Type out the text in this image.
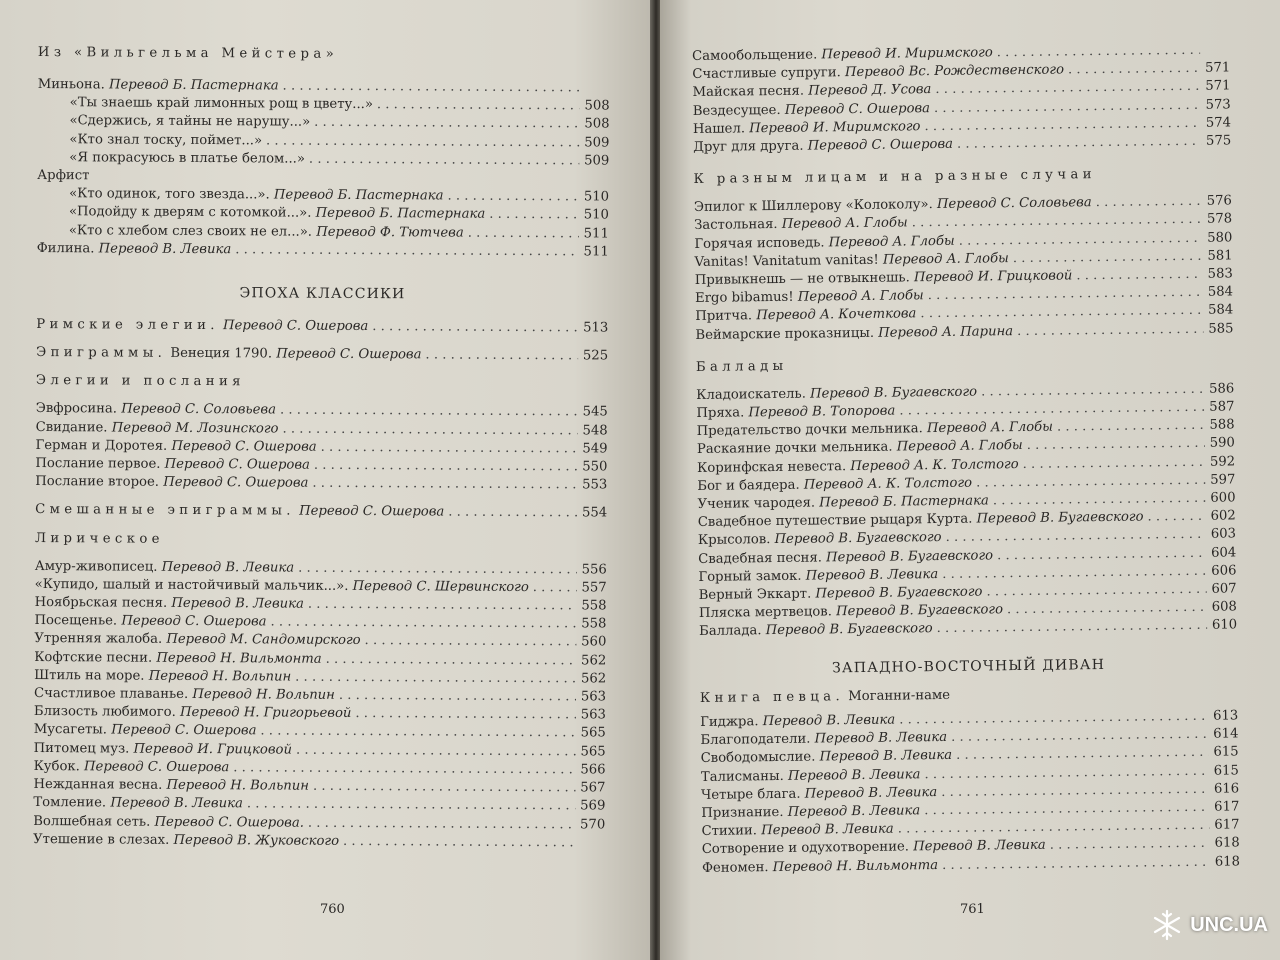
Из «Вильгельма Мейстера»
Миньона. Перевод Б. Пастернака
. . .
«Ты знаешь край лимонных рощ в цвету...» . . .	508
«Сдержись, я тайны не нарушу...» . . .	508
«Кто знал тоску, поймет...» . . .	509
«Я покрасуюсь в платье белом...» . . .	509
Арфист
«Кто одинок, того звезда...». Перевод Б. Пастернака . . .	510
«Подойду к дверям с котомкой...». Перевод Б. Пастернака . . .	510
«Кто с хлебом слез своих не ел...». Перевод Ф. Тютчева . . .	511
Филина. Перевод В. Левика . . .	511
ЭПОХА КЛАССИКИ
Римские элегии. Перевод С. Ошерова . . .	513
Эпиграммы. Венеция 1790. Перевод С. Ошерова . . .	525
Элегии и послания
Эвфросина. Перевод С. Соловьева . . .	545
Свидание. Перевод М. Лозинского . . .	548
Герман и Доротея. Перевод С. Ошерова . . .	549
Послание первое. Перевод С. Ошерова . . .	550
Послание второе. Перевод С. Ошерова . . .	553
Смешанные эпиграммы. Перевод С. Ошерова . . .	554
Лирическое
Амур-живописец. Перевод В. Левика . . .	556
«Купидо, шалый и настойчивый мальчик...». Перевод С. Шервинского . . .	557
Ноябрьская песня. Перевод В. Левика . . .	558
Посещенье. Перевод С. Ошерова . . .	558
Утренняя жалоба. Перевод М. Сандомирского . . .	560
Кофтские песни. Перевод Н. Вильмонта . . .	562
Штиль на море. Перевод Н. Вольпин . . .	562
Счастливое плаванье. Перевод Н. Вольпин . . .	563
Близость любимого. Перевод Н. Григорьевой . . .	563
Мусагеты. Перевод С. Ошерова . . .	565
Питомец муз. Перевод И. Грицковой . . .	565
Кубок. Перевод С. Ошерова . . .	566
Нежданная весна. Перевод Н. Вольпин . . .	567
Томление. Перевод В. Левика . . .	569
Волшебная сеть. Перевод С. Ошерова. . . .	570
Утешение в слезах. Перевод В. Жуковского
. . .
760
Самообольщение. Перевод И. Миримского
. . .
Счастливые супруги. Перевод Вс. Рождественского . . .	571
Майская песня. Перевод Д. Усова . . .	571
Вездесущее. Перевод С. Ошерова . . .	573
Нашел. Перевод И. Миримского . . .	574
Друг для друга. Перевод С. Ошерова . . .	575
К разным лицам и на разные случаи
Эпилог к Шиллерову «Колоколу». Перевод С. Соловьева . . .	576
Застольная. Перевод А. Глобы . . .	578
Горячая исповедь. Перевод А. Глобы . . .	580
Vanitas! Vanitatum vanitas! Перевод А. Глобы . . .	581
Привыкнешь — не отвыкнешь. Перевод И. Грицковой . . .	583
Ergo bibamus! Перевод А. Глобы . . .	584
Притча. Перевод А. Кочеткова . . .	584
Веймарские проказницы. Перевод А. Парина . . .	585
Баллады
Кладоискатель. Перевод В. Бугаевского . . .	586
Пряха. Перевод В. Топорова . . .	587
Предательство дочки мельника. Перевод А. Глобы . . .	588
Раскаяние дочки мельника. Перевод А. Глобы . . .	590
Коринфская невеста. Перевод А. К. Толстого . . .	592
Бог и баядера. Перевод А. К. Толстого . . .	597
Ученик чародея. Перевод Б. Пастернака . . .	600
Свадебное путешествие рыцаря Курта. Перевод В. Бугаевского . . .	602
Крысолов. Перевод В. Бугаевского . . .	603
Свадебная песня. Перевод В. Бугаевского . . .	604
Горный замок. Перевод В. Левика . . .	606
Верный Эккарт. Перевод В. Бугаевского . . .	607
Пляска мертвецов. Перевод В. Бугаевского . . .	608
Баллада. Перевод В. Бугаевского . . .	610
ЗАПАДНО-ВОСТОЧНЫЙ ДИВАН
Книга певца. Моганни-наме
Гиджра. Перевод В. Левика . . .	613
Благоподатели. Перевод В. Левика . . .	614
Свободомыслие. Перевод В. Левика . . .	615
Талисманы. Перевод В. Левика . . .	615
Четыре блага. Перевод В. Левика . . .	616
Признание. Перевод В. Левика . . .	617
Стихии. Перевод В. Левика . . .	617
Сотворение и одухотворение. Перевод В. Левика . . .	618
Феномен. Перевод Н. Вильмонта . . .	618
761
UNC.UA
